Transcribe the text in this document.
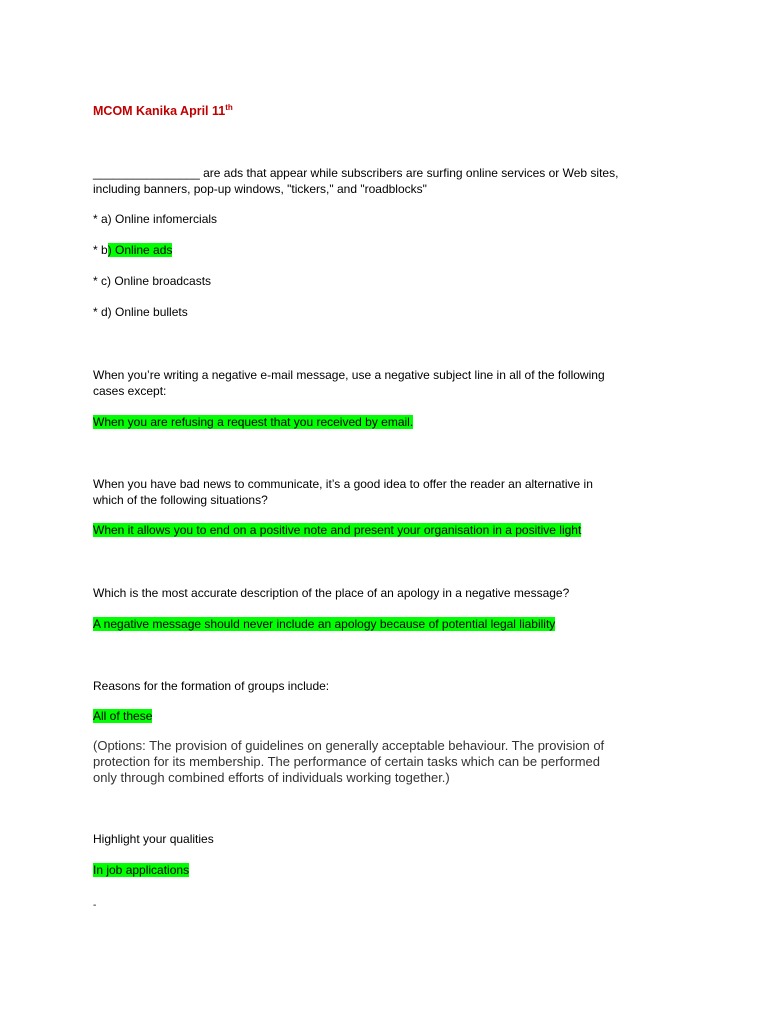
MCOM Kanika April 11th

________________ are ads that appear while subscribers are surfing online services or Web sites,

including banners, pop-up windows, "tickers," and "roadblocks"

* a) Online infomercials

* b) Online ads

* c) Online broadcasts

* d) Online bullets

When you’re writing a negative e-mail message, use a negative subject line in all of the following

cases except:

When you are refusing a request that you received by email.

When you have bad news to communicate, it’s a good idea to offer the reader an alternative in

which of the following situations?

When it allows you to end on a positive note and present your organisation in a positive light

Which is the most accurate description of the place of an apology in a negative message?

A negative message should never include an apology because of potential legal liability

Reasons for the formation of groups include:

All of these

(Options: The provision of guidelines on generally acceptable behaviour. The provision of

protection for its membership. The performance of certain tasks which can be performed

only through combined efforts of individuals working together.)

Highlight your qualities

In job applications

-
